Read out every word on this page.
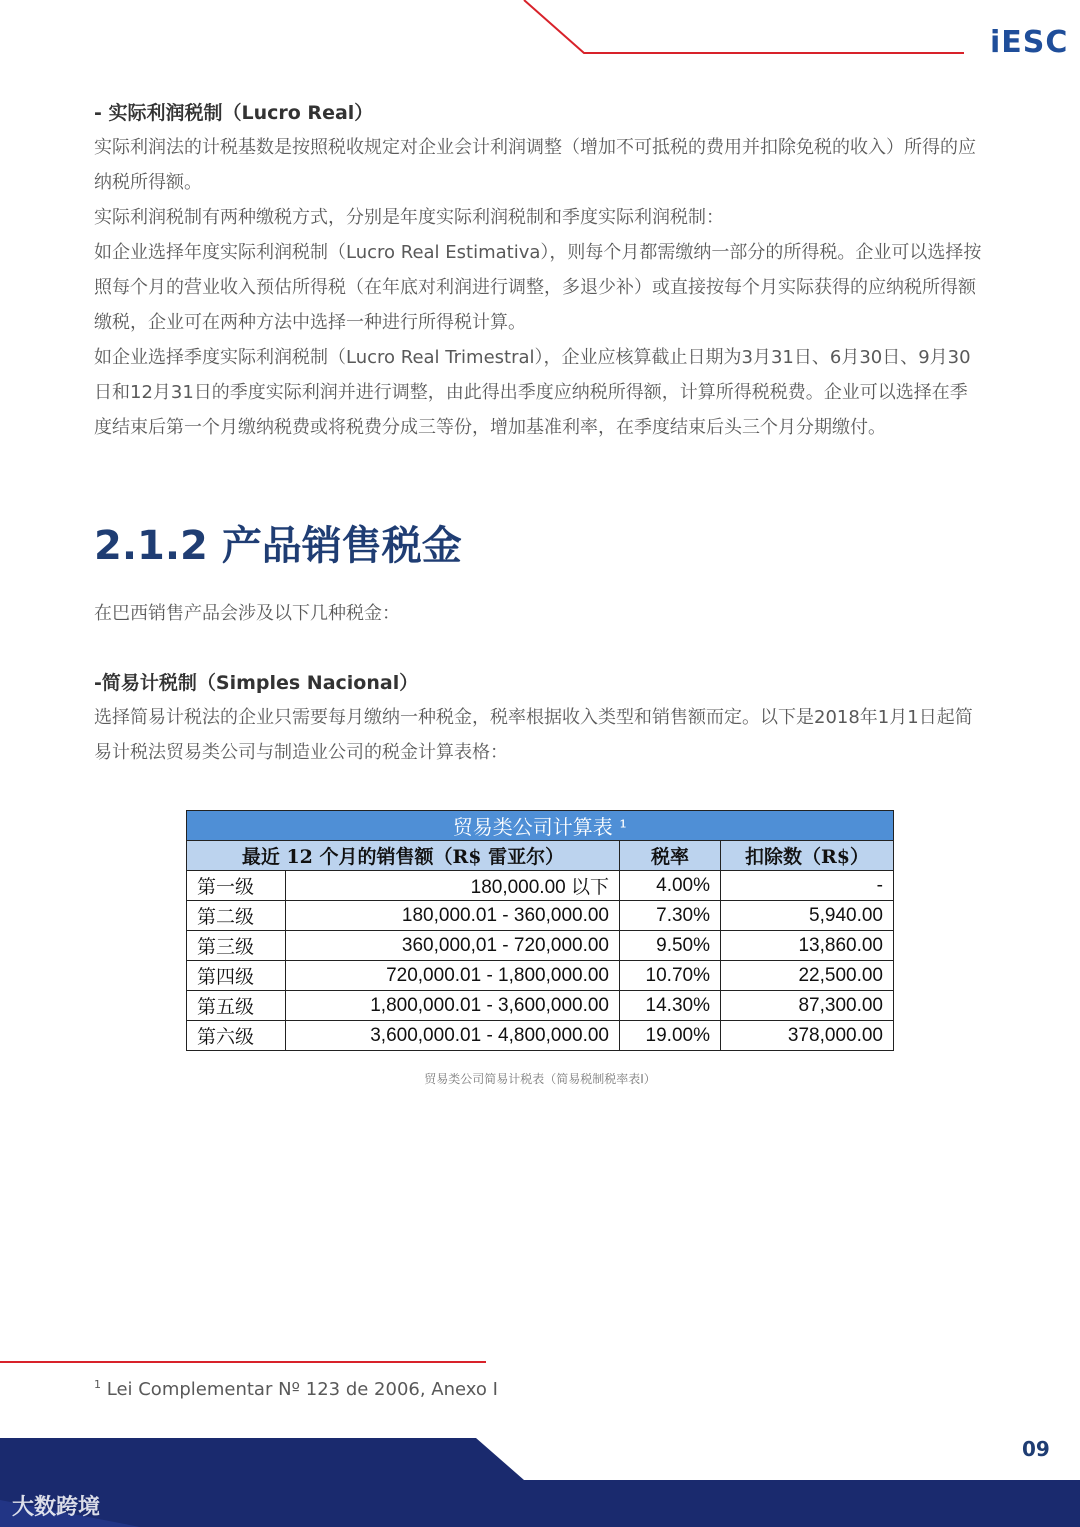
iESC

- 实际利润税制（Lucro Real）

实际利润法的计税基数是按照税收规定对企业会计利润调整（增加不可抵税的费用并扣除免税的收入）所得的应纳税所得额。

实际利润税制有两种缴税方式，分别是年度实际利润税制和季度实际利润税制：

如企业选择年度实际利润税制（Lucro Real Estimativa），则每个月都需缴纳一部分的所得税。企业可以选择按照每个月的营业收入预估所得税（在年底对利润进行调整，多退少补）或直接按每个月实际获得的应纳税所得额缴税，企业可在两种方法中选择一种进行所得税计算。

如企业选择季度实际利润税制（Lucro Real Trimestral），企业应核算截止日期为3月31日、6月30日、9月30日和12月31日的季度实际利润并进行调整，由此得出季度应纳税所得额，计算所得税税费。企业可以选择在季度结束后第一个月缴纳税费或将税费分成三等份，增加基准利率，在季度结束后头三个月分期缴付。

2.1.2 产品销售税金

在巴西销售产品会涉及以下几种税金：

-简易计税制（Simples Nacional）

选择简易计税法的企业只需要每月缴纳一种税金，税率根据收入类型和销售额而定。以下是2018年1月1日起简易计税法贸易类公司与制造业公司的税金计算表格：

贸易类公司计算表 ¹			
最近 12 个月的销售额（R$ 雷亚尔）		税率	扣除数（R$）
第一级	180,000.00 以下	4.00%	-
第二级	180,000.01 - 360,000.00	7.30%	5,940.00
第三级	360,000,01 - 720,000.00	9.50%	13,860.00
第四级	720,000.01 - 1,800,000.00	10.70%	22,500.00
第五级	1,800,000.01 - 3,600,000.00	14.30%	87,300.00
第六级	3,600,000.01 - 4,800,000.00	19.00%	378,000.00
贸易类公司简易计税表（简易税制税率表I）
$^1$ Lei Complementar Nº 123 de 2006, Anexo I
09
大数跨境
